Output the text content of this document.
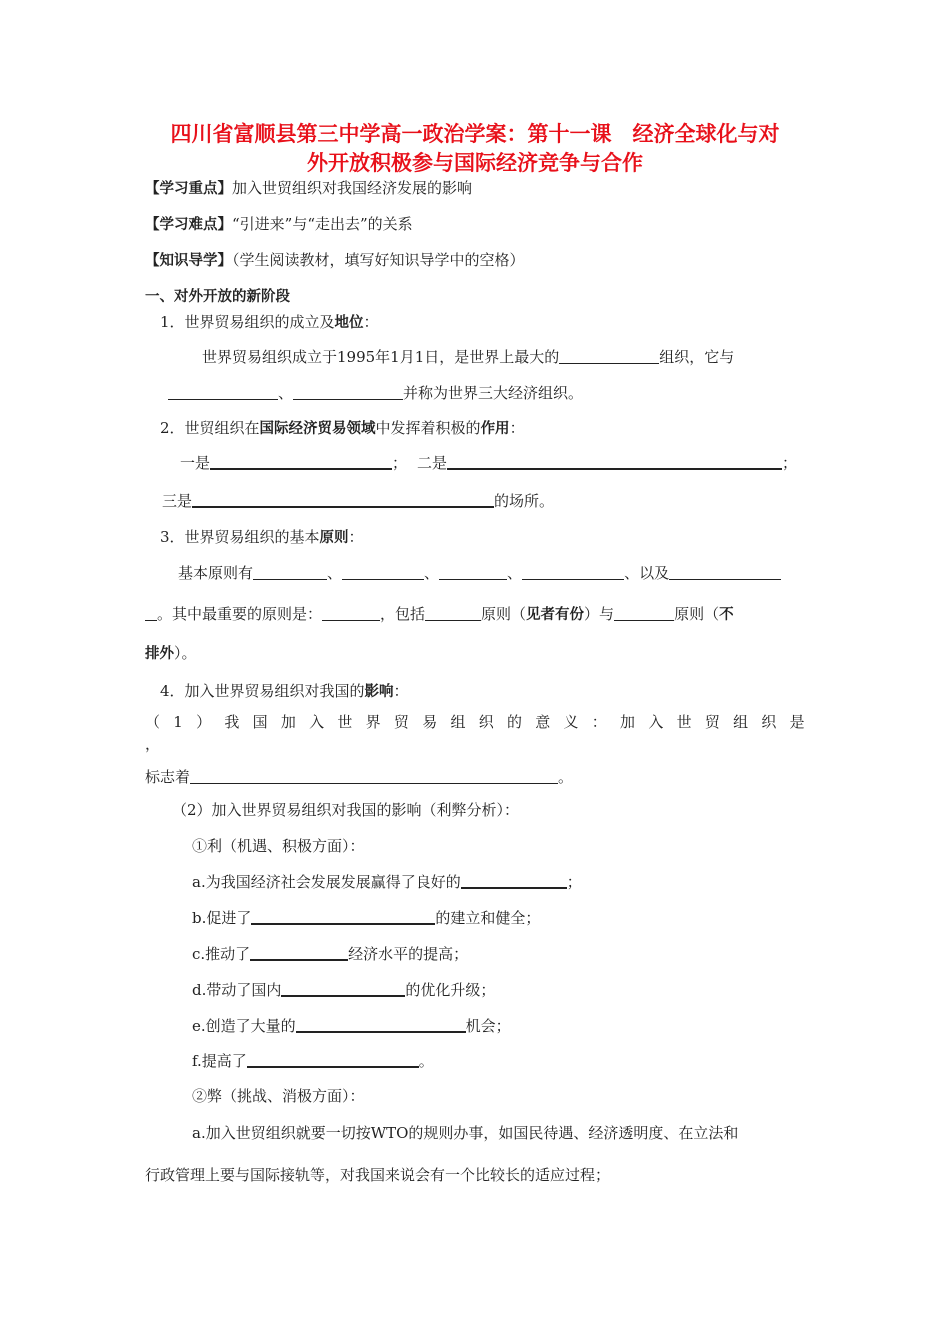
四川省富顺县第三中学高一政治学案：第十一课　经济全球化与对
外开放积极参与国际经济竞争与合作
【学习重点】加入世贸组织对我国经济发展的影响
【学习难点】“引进来”与“走出去”的关系
【知识导学】（学生阅读教材，填写好知识导学中的空格）
一、对外开放的新阶段
1．世界贸易组织的成立及地位：
世界贸易组织成立于1995年1月1日，是世界上最大的	组织，它与
、	并称为世界三大经济组织。
2．世贸组织在国际经济贸易领域中发挥着积极的作用：
一是	； 二是	；
三是	的场所。
3．世界贸易组织的基本原则：
基本原则有	、	、	、	、以及
。其中最重要的原则是：	，包括	原则（见者有份）与	原则（不
排外）。
4．加入世界贸易组织对我国的影响：
（ 1 ） 我 国 加 入 世 界 贸 易 组 织 的 意 义 ： 加 入 世 贸 组 织 是
，
标志着	。
（2）加入世界贸易组织对我国的影响（利弊分析）：
①利（机遇、积极方面）：
a.为我国经济社会发展发展赢得了良好的	；
b.促进了	的建立和健全；
c.推动了	经济水平的提高；
d.带动了国内	的优化升级；
e.创造了大量的	机会；
f.提高了	。
②弊（挑战、消极方面）：
a.加入世贸组织就要一切按WTO的规则办事，如国民待遇、经济透明度、在立法和
行政管理上要与国际接轨等，对我国来说会有一个比较长的适应过程；
